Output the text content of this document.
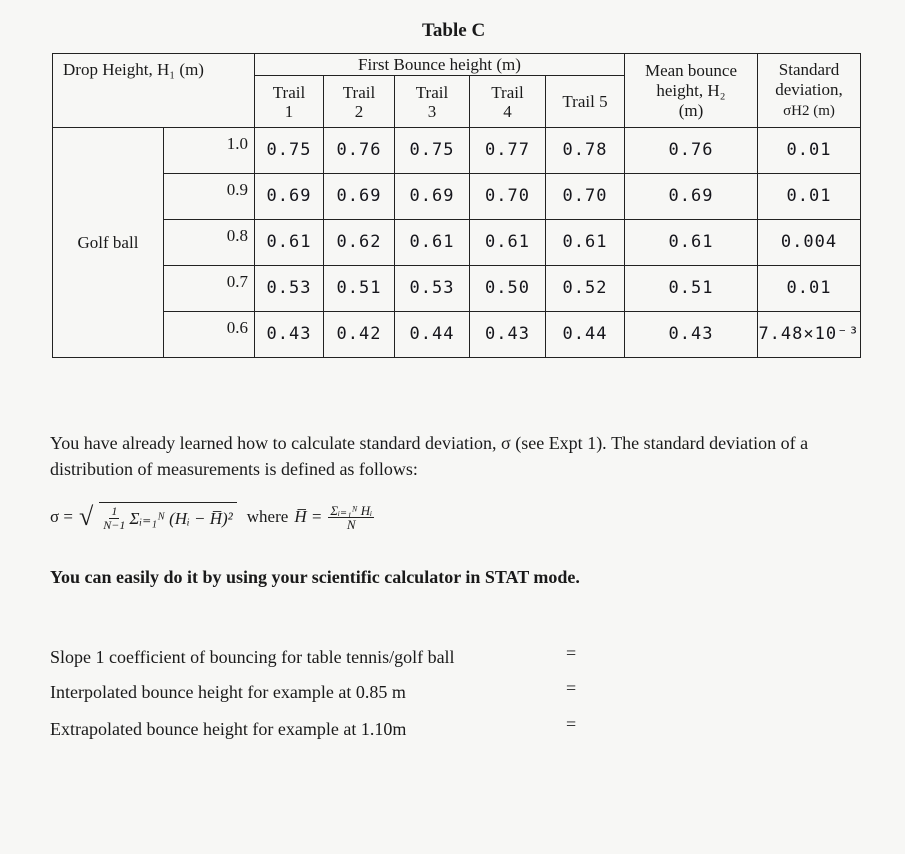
Table C
Drop Height, H₁ (m)		First Bounce height (m)					Mean bounce
height, H₂
(m)	Standard
deviation,
σH2 (m)
		Trail
1	Trail
2	Trail
3	Trail
4	Trail 5		
Golf ball	1.0	0.75	0.76	0.75	0.77	0.78	0.76	0.01
	0.9	0.69	0.69	0.69	0.70	0.70	0.69	0.01
	0.8	0.61	0.62	0.61	0.61	0.61	0.61	0.004
	0.7	0.53	0.51	0.53	0.50	0.52	0.51	0.01
	0.6	0.43	0.42	0.44	0.43	0.44	0.43	7.48×10⁻³
You have already learned how to calculate standard deviation, σ (see Expt 1). The standard deviation of a distribution of measurements is defined as follows:
σ = √ $\frac{1}{N-1}$ Σᵢ₌₁ᴺ (Hᵢ − H̅)² where H̅ = $\frac{\text{Σᵢ₌₁ᴺ Hᵢ}}{N}$
You can easily do it by using your scientific calculator in STAT mode.
Slope 1 coefficient of bouncing for table tennis/golf ball	=
Interpolated bounce height for example at 0.85 m	=
Extrapolated bounce height for example at 1.10m	=
